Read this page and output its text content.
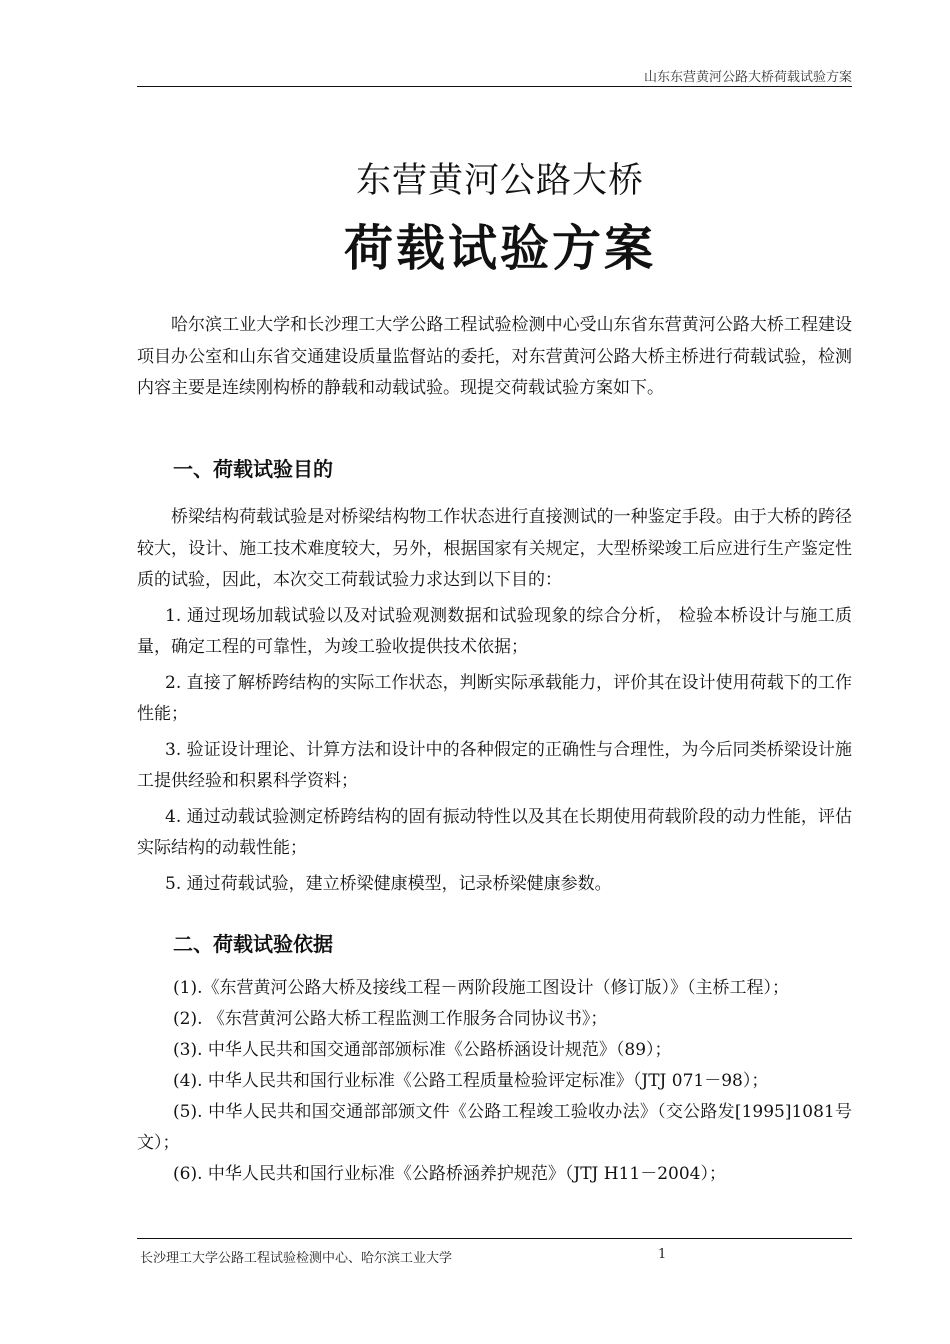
山东东营黄河公路大桥荷载试验方案
东营黄河公路大桥
荷载试验方案

哈尔滨工业大学和长沙理工大学公路工程试验检测中心受山东省东营黄河公路大桥工程建设项目办公室和山东省交通建设质量监督站的委托，对东营黄河公路大桥主桥进行荷载试验，检测内容主要是连续刚构桥的静载和动载试验。现提交荷载试验方案如下。

一、荷载试验目的

桥梁结构荷载试验是对桥梁结构物工作状态进行直接测试的一种鉴定手段。由于大桥的跨径较大，设计、施工技术难度较大，另外，根据国家有关规定，大型桥梁竣工后应进行生产鉴定性质的试验，因此，本次交工荷载试验力求达到以下目的：

1. 通过现场加载试验以及对试验观测数据和试验现象的综合分析， 检验本桥设计与施工质量，确定工程的可靠性，为竣工验收提供技术依据；

2. 直接了解桥跨结构的实际工作状态，判断实际承载能力，评价其在设计使用荷载下的工作性能；

3. 验证设计理论、计算方法和设计中的各种假定的正确性与合理性，为今后同类桥梁设计施工提供经验和积累科学资料；

4. 通过动载试验测定桥跨结构的固有振动特性以及其在长期使用荷载阶段的动力性能，评估实际结构的动载性能；

5. 通过荷载试验，建立桥梁健康模型，记录桥梁健康参数。

二、荷载试验依据

(1).《东营黄河公路大桥及接线工程－两阶段施工图设计（修订版）》（主桥工程）；

(2). 《东营黄河公路大桥工程监测工作服务合同协议书》；

(3). 中华人民共和国交通部部颁标准《公路桥涵设计规范》（89）；

(4). 中华人民共和国行业标准《公路工程质量检验评定标准》（JTJ 071－98）；

(5). 中华人民共和国交通部部颁文件《公路工程竣工验收办法》（交公路发[1995]1081号文）；

(6). 中华人民共和国行业标准《公路桥涵养护规范》（JTJ H11－2004）；

长沙理工大学公路工程试验检测中心、哈尔滨工业大学	1
